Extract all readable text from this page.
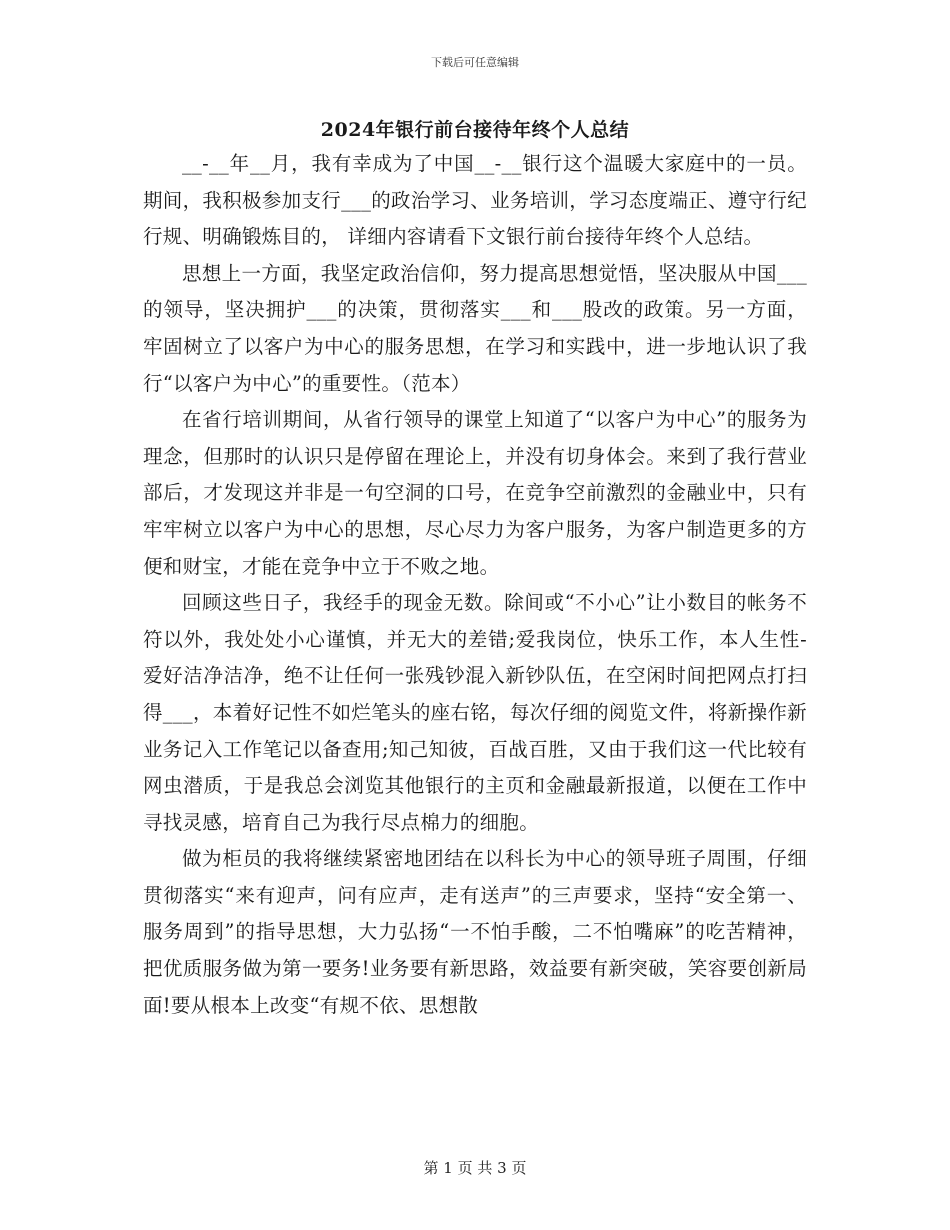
下载后可任意编辑
2024年银行前台接待年终个人总结

__-__年__月，我有幸成为了中国__-__银行这个温暖大家庭中的一员。期间，我积极参加支行___的政治学习、业务培训，学习态度端正、遵守行纪行规、明确锻炼目的， 详细内容请看下文银行前台接待年终个人总结。

思想上一方面，我坚定政治信仰，努力提高思想觉悟，坚决服从中国___的领导，坚决拥护___的决策，贯彻落实___和___股改的政策。另一方面，牢固树立了以客户为中心的服务思想，在学习和实践中，进一步地认识了我行“以客户为中心”的重要性。（范本）

在省行培训期间，从省行领导的课堂上知道了“以客户为中心”的服务为理念，但那时的认识只是停留在理论上，并没有切身体会。来到了我行营业部后，才发现这并非是一句空洞的口号，在竞争空前激烈的金融业中，只有牢牢树立以客户为中心的思想，尽心尽力为客户服务，为客户制造更多的方便和财宝，才能在竞争中立于不败之地。

回顾这些日子，我经手的现金无数。除间或“不小心”让小数目的帐务不符以外，我处处小心谨慎，并无大的差错;爱我岗位，快乐工作，本人生性-爱好洁净洁净，绝不让任何一张残钞混入新钞队伍，在空闲时间把网点打扫得___，本着好记性不如烂笔头的座右铭，每次仔细的阅览文件，将新操作新业务记入工作笔记以备查用;知己知彼，百战百胜，又由于我们这一代比较有网虫潜质，于是我总会浏览其他银行的主页和金融最新报道，以便在工作中寻找灵感，培育自己为我行尽点棉力的细胞。

做为柜员的我将继续紧密地团结在以科长为中心的领导班子周围，仔细贯彻落实“来有迎声，问有应声，走有送声”的三声要求，坚持“安全第一、服务周到”的指导思想，大力弘扬“一不怕手酸，二不怕嘴麻”的吃苦精神，把优质服务做为第一要务!业务要有新思路，效益要有新突破，笑容要创新局面!要从根本上改变“有规不依、思想散

第 1 页 共 3 页
